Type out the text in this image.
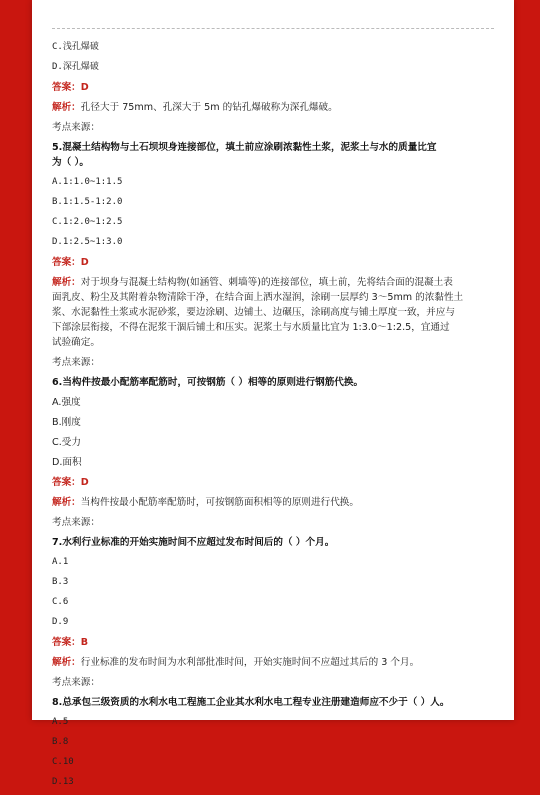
C.浅孔爆破
D.深孔爆破
答案：D
解析：孔径大于 75mm、孔深大于 5m 的钻孔爆破称为深孔爆破。
考点来源：
5.混凝土结构物与土石坝坝身连接部位，填土前应涂刷浓黏性土浆，泥浆土与水的质量比宜
为（ ）。
A.1:1.0~1:1.5
B.1:1.5-1:2.0
C.1:2.0~1:2.5
D.1:2.5~1:3.0
答案：D
解析：对于坝身与混凝土结构物(如涵管、刺墙等)的连接部位，填土前，先将结合面的混凝土表
面乳皮、粉尘及其附着杂物清除干净，在结合面上洒水湿润，涂刷一层厚约 3～5mm 的浓黏性土
浆、水泥黏性土浆或水泥砂浆，要边涂刷、边铺土、边碾压，涂刷高度与铺土厚度一致，并应与
下部涂层衔接，不得在泥浆干涸后铺土和压实。泥浆土与水质量比宜为 1:3.0～1:2.5，宜通过
试验确定。
考点来源：
6.当构件按最小配筋率配筋时，可按钢筋（ ）相等的原则进行钢筋代换。
A.强度
B.刚度
C.受力
D.面积
答案：D
解析：当构件按最小配筋率配筋时，可按钢筋面积相等的原则进行代换。
考点来源：
7.水利行业标准的开始实施时间不应超过发布时间后的（ ）个月。
A.1
B.3
C.6
D.9
答案：B
解析：行业标准的发布时间为水利部批准时间，开始实施时间不应超过其后的 3 个月。
考点来源：
8.总承包三级资质的水利水电工程施工企业其水利水电工程专业注册建造师应不少于（ ）人。
A.5
B.8
C.10
D.13
